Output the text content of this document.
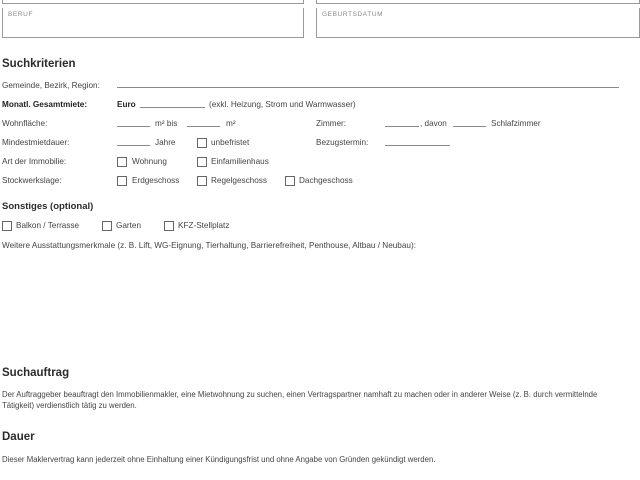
BERUF	GEBURTSDATUM
Suchkriterien
Gemeinde, Bezirk, Region:
Monatl. Gesamtmiete:	Euro	(exkl. Heizung, Strom und Warmwasser)
Wohnfläche:	m² bis	m²	Zimmer:	, davon	Schlafzimmer
Mindestmietdauer:	Jahre	unbefristet	Bezugstermin:
Art der Immobilie:	Wohnung	Einfamilienhaus
Stockwerkslage:	Erdgeschoss	Regelgeschoss	Dachgeschoss
Sonstiges (optional)
Balkon / Terrasse	Garten	KFZ-Stellplatz
Weitere Ausstattungsmerkmale (z. B. Lift, WG-Eignung, Tierhaltung, Barrierefreiheit, Penthouse, Altbau / Neubau):
Suchauftrag
Der Auftraggeber beauftragt den Immobilienmakler, eine Mietwohnung zu suchen, einen Vertragspartner namhaft zu machen oder in anderer Weise (z. B. durch vermittelnde Tätigkeit) verdienstlich tätig zu werden.
Dauer
Dieser Maklervertrag kann jederzeit ohne Einhaltung einer Kündigungsfrist und ohne Angabe von Gründen gekündigt werden.
